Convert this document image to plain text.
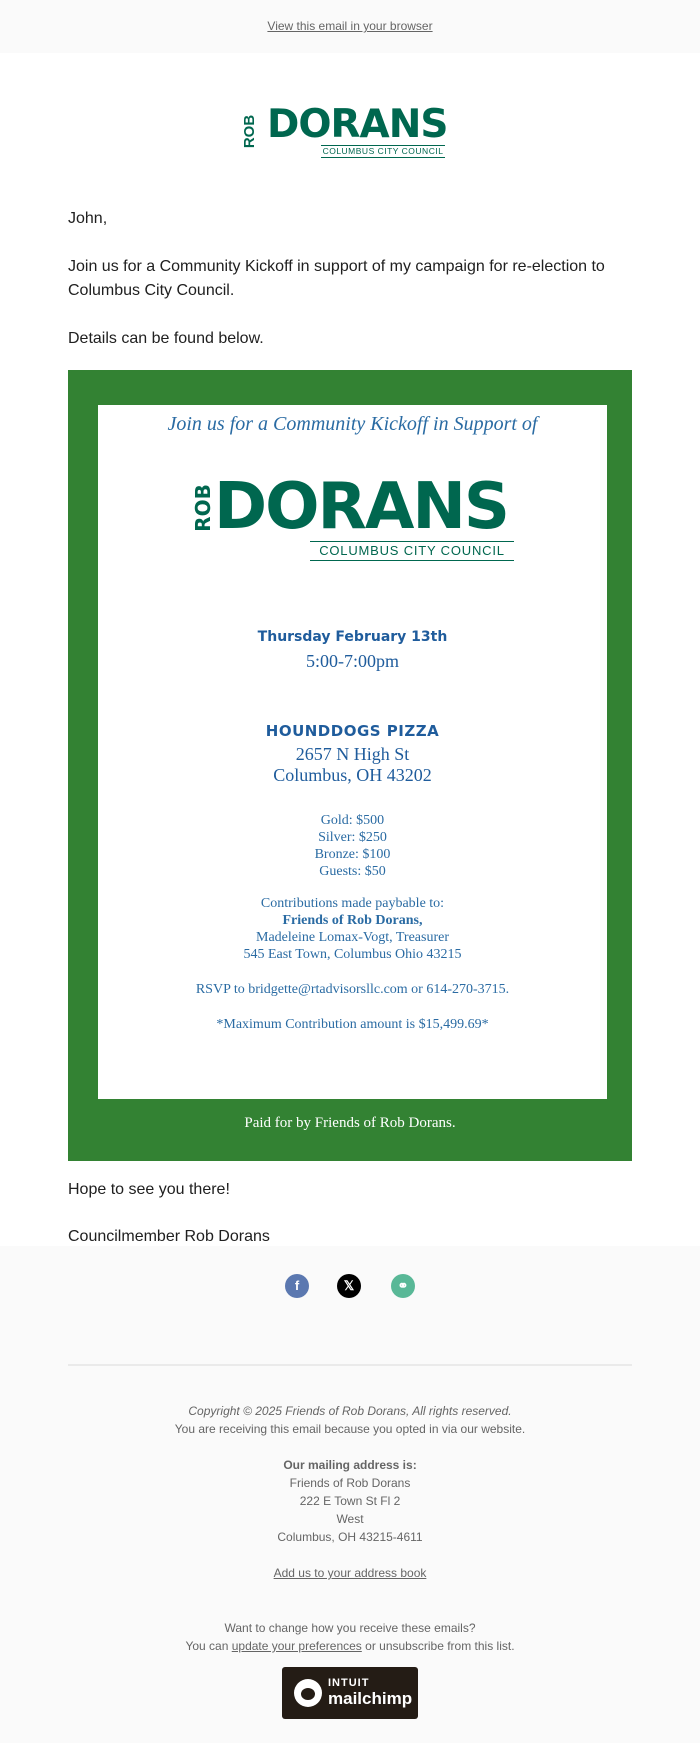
View this email in your browser
ROB DORANS
COLUMBUS CITY COUNCIL
John,
Join us for a Community Kickoff in support of my campaign for re-election to Columbus City Council.
Details can be found below.
Join us for a Community Kickoff in Support of
ROB DORANS
COLUMBUS CITY COUNCIL
Thursday February 13th
5:00-7:00pm
HOUNDDOGS PIZZA
2657 N High St
Columbus, OH 43202
Gold: $500
Silver: $250
Bronze: $100
Guests: $50
Contributions made paybable to:
Friends of Rob Dorans,
Madeleine Lomax-Vogt, Treasurer
545 East Town, Columbus Ohio 43215
RSVP to bridgette@rtadvisorsllc.com or 614-270-3715.
*Maximum Contribution amount is $15,499.69*
Paid for by Friends of Rob Dorans.
Hope to see you there!
Councilmember Rob Dorans
f	𝕏	⚭
Copyright © 2025 Friends of Rob Dorans, All rights reserved.
You are receiving this email because you opted in via our website.
Our mailing address is:
Friends of Rob Dorans
222 E Town St Fl 2
West
Columbus, OH 43215-4611
Add us to your address book
Want to change how you receive these emails?
You can update your preferences or unsubscribe from this list.
INTUIT
mailchimp
